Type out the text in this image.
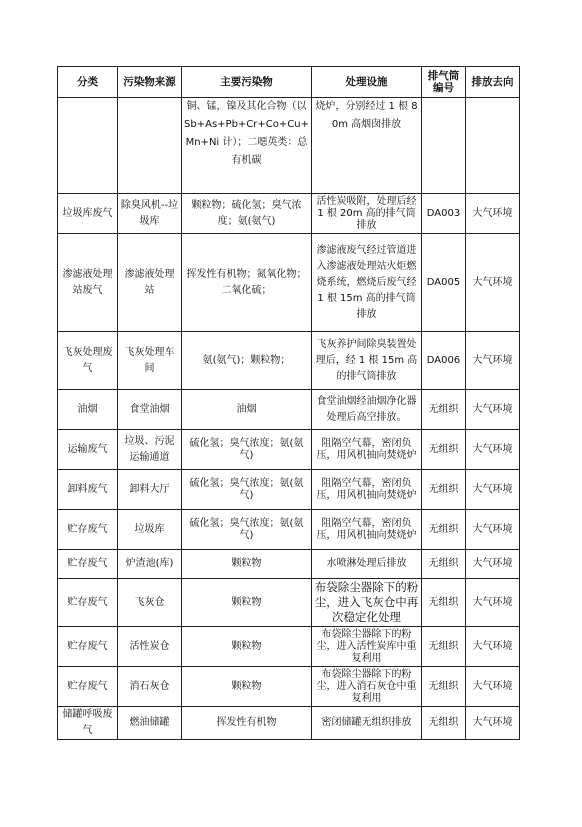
分类	污染物来源	主要污染物	处理设施	排气筒编号	排放去向
		铜、锰，镍及其化合物（以Sb+As+Pb+Cr+Co+Cu+Mn+Ni 计）；二噁英类：总有机碳	烧炉，分别经过 1 根 80m 高烟囱排放		
垃圾库废气	除臭风机--垃圾库	颗粒物；硫化氢；臭气浓度；氨(氨气)	活性炭吸附，处理后经 1 根 20m 高的排气筒排放	DA003	大气环境
渗滤液处理站废气	渗滤液处理站	挥发性有机物；氮氧化物；二氧化硫；	渗滤液废气经过管道进入渗滤液处理站火炬燃烧系统，燃烧后废气经 1 根 15m 高的排气筒排放	DA005	大气环境
飞灰处理废气	飞灰处理车间	氨(氨气)；颗粒物；	飞灰养护间除臭装置处理后，经 1 根 15m 高的排气筒排放	DA006	大气环境
油烟	食堂油烟	油烟	食堂油烟经油烟净化器处理后高空排放。	无组织	大气环境
运输废气	垃圾、污泥运输通道	硫化氢；臭气浓度；氨(氨气)	阻隔空气幕，密闭负压，用风机抽向焚烧炉	无组织	大气环境
卸料废气	卸料大厅	硫化氢；臭气浓度；氨(氨气)	阻隔空气幕，密闭负压，用风机抽向焚烧炉	无组织	大气环境
贮存废气	垃圾库	硫化氢；臭气浓度；氨(氨气)	阻隔空气幕，密闭负压，用风机抽向焚烧炉	无组织	大气环境
贮存废气	炉渣池(库)	颗粒物	水喷淋处理后排放	无组织	大气环境
贮存废气	飞灰仓	颗粒物	布袋除尘器除下的粉尘，进入飞灰仓中再次稳定化处理	无组织	大气环境
贮存废气	活性炭仓	颗粒物	布袋除尘器除下的粉尘，进入活性炭库中重复利用	无组织	大气环境
贮存废气	消石灰仓	颗粒物	布袋除尘器除下的粉尘，进入消石灰仓中重复利用	无组织	大气环境
储罐呼吸废气	燃油储罐	挥发性有机物	密闭储罐无组织排放	无组织	大气环境
